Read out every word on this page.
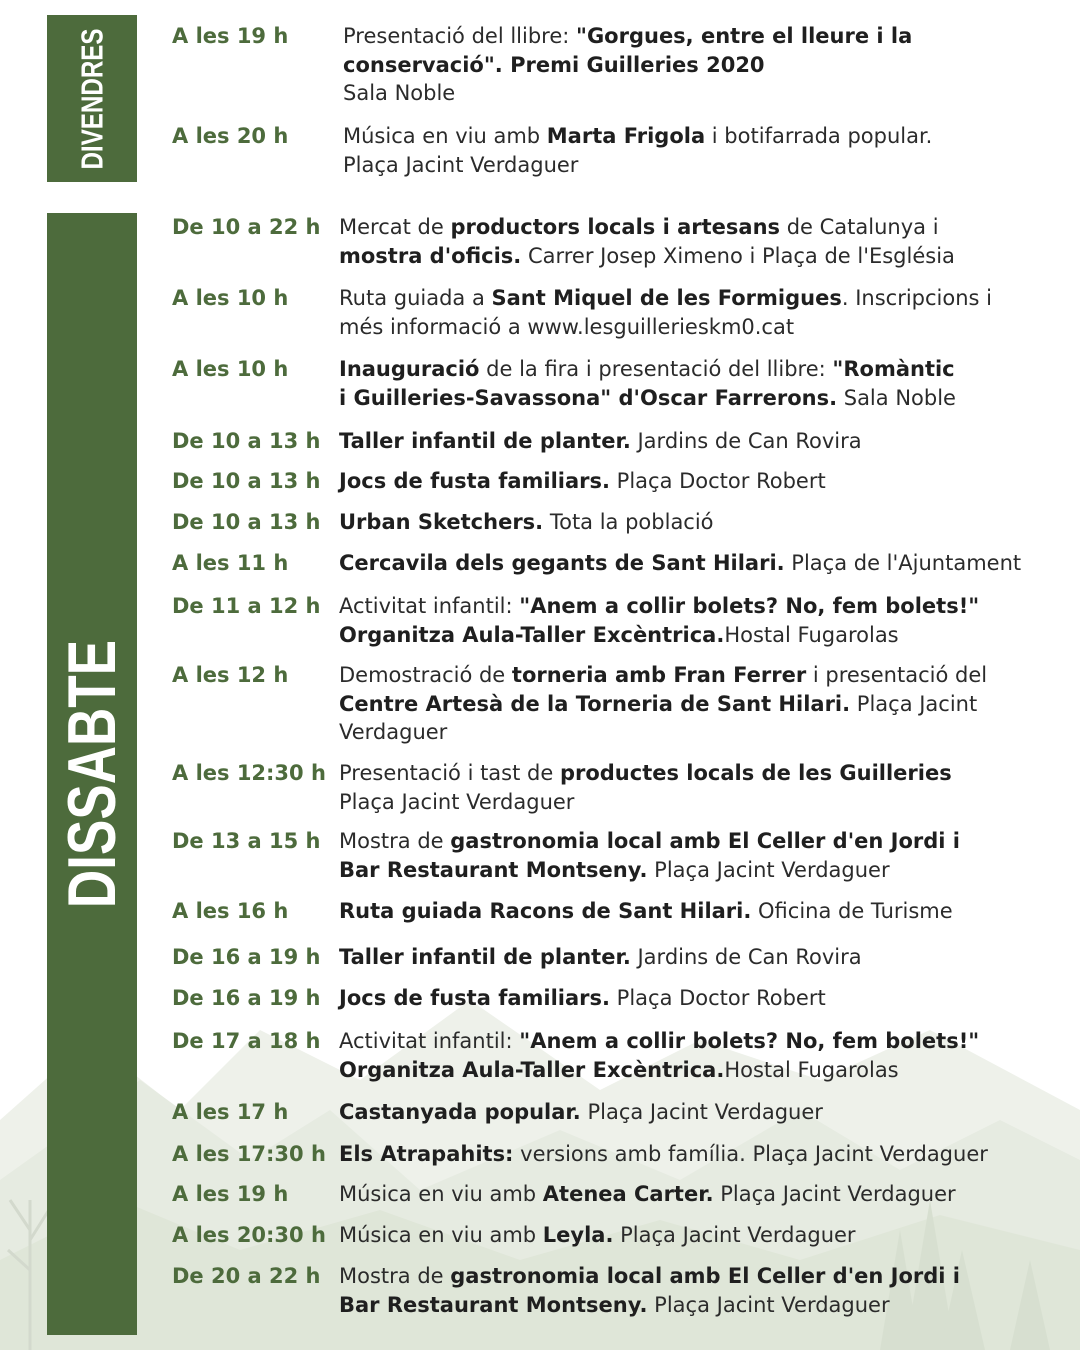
DIVENDRES
DISSABTE
A les 19 h	Presentació del llibre: "Gorgues, entre el lleure i la
conservació". Premi Guilleries 2020
Sala Noble
A les 20 h	Música en viu amb Marta Frigola i botifarrada popular.
Plaça Jacint Verdaguer
De 10 a 22 h Mercat de productors locals i artesans de Catalunya i
mostra d'oficis. Carrer Josep Ximeno i Plaça de l'Església
A les 10 h Ruta guiada a Sant Miquel de les Formigues. Inscripcions i
més informació a www.lesguillerieskm0.cat
A les 10 h Inauguració de la fira i presentació del llibre: "Romàntic
i Guilleries-Savassona" d'Oscar Farrerons. Sala Noble
De 10 a 13 h Taller infantil de planter. Jardins de Can Rovira
De 10 a 13 h Jocs de fusta familiars. Plaça Doctor Robert
De 10 a 13 h Urban Sketchers. Tota la població
A les 11 h Cercavila dels gegants de Sant Hilari. Plaça de l'Ajuntament
De 11 a 12 h Activitat infantil: "Anem a collir bolets? No, fem bolets!"
Organitza Aula-Taller Excèntrica.Hostal Fugarolas
A les 12 h Demostració de torneria amb Fran Ferrer i presentació del
Centre Artesà de la Torneria de Sant Hilari. Plaça Jacint
Verdaguer
A les 12:30 h Presentació i tast de productes locals de les Guilleries
Plaça Jacint Verdaguer
De 13 a 15 h Mostra de gastronomia local amb El Celler d'en Jordi i
Bar Restaurant Montseny. Plaça Jacint Verdaguer
A les 16 h Ruta guiada Racons de Sant Hilari. Oficina de Turisme
De 16 a 19 h Taller infantil de planter. Jardins de Can Rovira
De 16 a 19 h Jocs de fusta familiars. Plaça Doctor Robert
De 17 a 18 h Activitat infantil: "Anem a collir bolets? No, fem bolets!"
Organitza Aula-Taller Excèntrica.Hostal Fugarolas
A les 17 h Castanyada popular. Plaça Jacint Verdaguer
A les 17:30 h Els Atrapahits: versions amb família. Plaça Jacint Verdaguer
A les 19 h Música en viu amb Atenea Carter. Plaça Jacint Verdaguer
A les 20:30 h Música en viu amb Leyla. Plaça Jacint Verdaguer
De 20 a 22 h Mostra de gastronomia local amb El Celler d'en Jordi i
Bar Restaurant Montseny. Plaça Jacint Verdaguer
